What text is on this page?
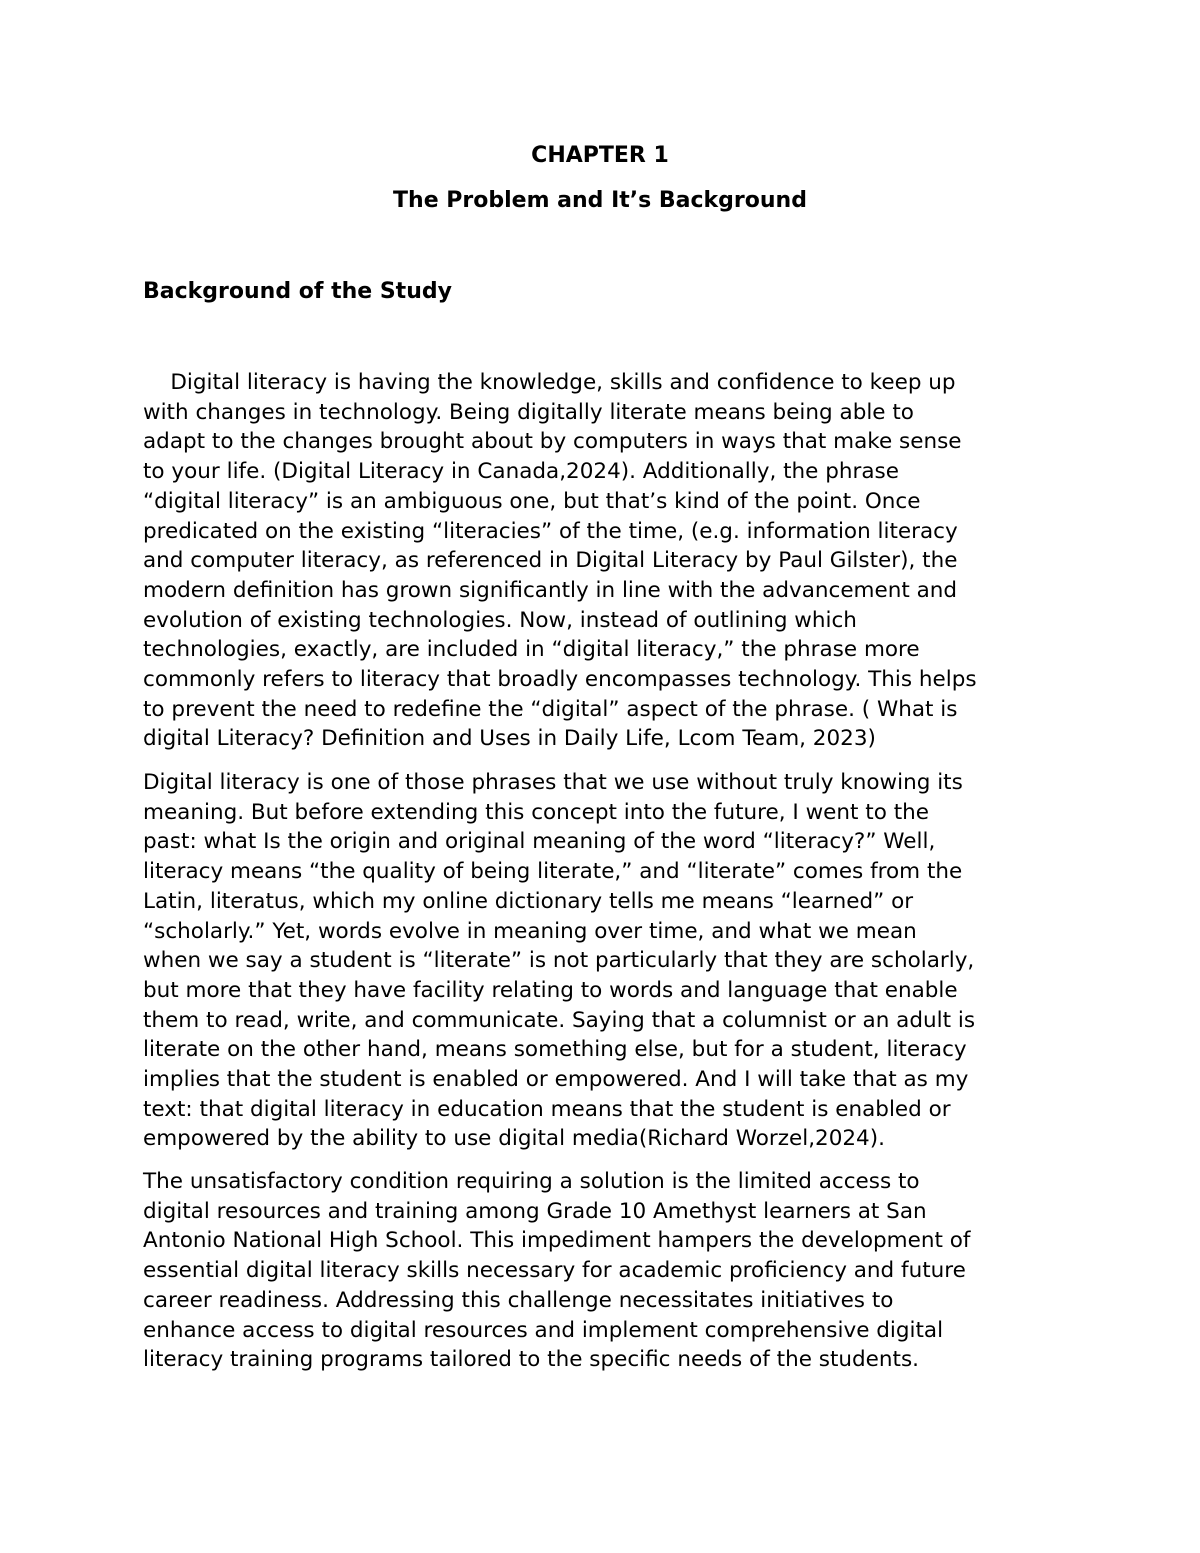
CHAPTER 1
The Problem and It’s Background
Background of the Study
Digital literacy is having the knowledge, skills and confidence to keep up
with changes in technology. Being digitally literate means being able to
adapt to the changes brought about by computers in ways that make sense
to your life. (Digital Literacy in Canada,2024). Additionally, the phrase
“digital literacy” is an ambiguous one, but that’s kind of the point. Once
predicated on the existing “literacies” of the time, (e.g. information literacy
and computer literacy, as referenced in Digital Literacy by Paul Gilster), the
modern definition has grown significantly in line with the advancement and
evolution of existing technologies. Now, instead of outlining which
technologies, exactly, are included in “digital literacy,” the phrase more
commonly refers to literacy that broadly encompasses technology. This helps
to prevent the need to redefine the “digital” aspect of the phrase. ( What is
digital Literacy? Definition and Uses in Daily Life, Lcom Team, 2023)
Digital literacy is one of those phrases that we use without truly knowing its
meaning. But before extending this concept into the future, I went to the
past: what Is the origin and original meaning of the word “literacy?” Well,
literacy means “the quality of being literate,” and “literate” comes from the
Latin, literatus, which my online dictionary tells me means “learned” or
“scholarly.” Yet, words evolve in meaning over time, and what we mean
when we say a student is “literate” is not particularly that they are scholarly,
but more that they have facility relating to words and language that enable
them to read, write, and communicate. Saying that a columnist or an adult is
literate on the other hand, means something else, but for a student, literacy
implies that the student is enabled or empowered. And I will take that as my
text: that digital literacy in education means that the student is enabled or
empowered by the ability to use digital media(Richard Worzel,2024).
The unsatisfactory condition requiring a solution is the limited access to
digital resources and training among Grade 10 Amethyst learners at San
Antonio National High School. This impediment hampers the development of
essential digital literacy skills necessary for academic proficiency and future
career readiness. Addressing this challenge necessitates initiatives to
enhance access to digital resources and implement comprehensive digital
literacy training programs tailored to the specific needs of the students.
